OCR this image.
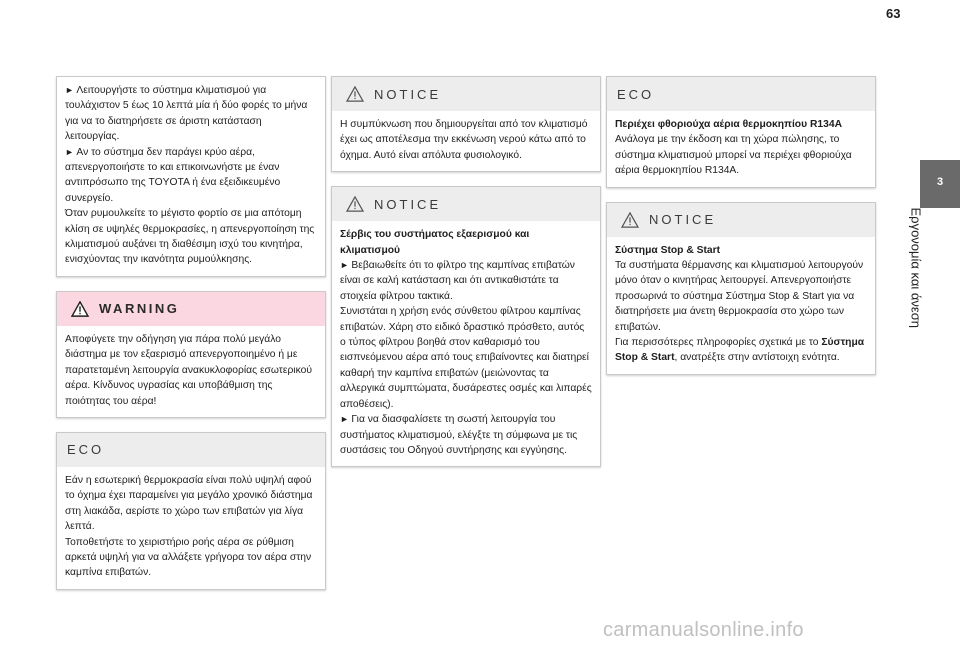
63

► Λειτουργήστε το σύστημα κλιματισμού για τουλάχιστον 5 έως 10 λεπτά μία ή δύο φορές το μήνα για να το διατηρήσετε σε άριστη κατάσταση λειτουργίας.

► Αν το σύστημα δεν παράγει κρύο αέρα, απενεργοποιήστε το και επικοινωνήστε με έναν αντιπρόσωπο της TOYOTA ή ένα εξειδικευμένο συνεργείο.

Όταν ρυμουλκείτε το μέγιστο φορτίο σε μια απότομη κλίση σε υψηλές θερμοκρασίες, η απενεργοποίηση της κλιματισμού αυξάνει τη διαθέσιμη ισχύ του κινητήρα, ενισχύοντας την ικανότητα ρυμούλκησης.

WARNING

Αποφύγετε την οδήγηση για πάρα πολύ μεγάλο διάστημα με τον εξαερισμό απενεργοποιημένο ή με παρατεταμένη λειτουργία ανακυκλοφορίας εσωτερικού αέρα. Κίνδυνος υγρασίας και υποβάθμιση της ποιότητας του αέρα!

ECO

Εάν η εσωτερική θερμοκρασία είναι πολύ υψηλή αφού το όχημα έχει παραμείνει για μεγάλο χρονικό διάστημα στη λιακάδα, αερίστε το χώρο των επιβατών για λίγα λεπτά.

Τοποθετήστε το χειριστήριο ροής αέρα σε ρύθμιση αρκετά υψηλή για να αλλάξετε γρήγορα τον αέρα στην καμπίνα επιβατών.

NOTICE

Η συμπύκνωση που δημιουργείται από τον κλιματισμό έχει ως αποτέλεσμα την εκκένωση νερού κάτω από το όχημα. Αυτό είναι απόλυτα φυσιολογικό.

NOTICE

Σέρβις του συστήματος εξαερισμού και κλιματισμού

► Βεβαιωθείτε ότι το φίλτρο της καμπίνας επιβατών είναι σε καλή κατάσταση και ότι αντικαθιστάτε τα στοιχεία φίλτρου τακτικά.

Συνιστάται η χρήση ενός σύνθετου φίλτρου καμπίνας επιβατών. Χάρη στο ειδικό δραστικό πρόσθετο, αυτός ο τύπος φίλτρου βοηθά στον καθαρισμό του εισπνεόμενου αέρα από τους επιβαίνοντες και διατηρεί καθαρή την καμπίνα επιβατών (μειώνοντας τα αλλεργικά συμπτώματα, δυσάρεστες οσμές και λιπαρές αποθέσεις).

► Για να διασφαλίσετε τη σωστή λειτουργία του συστήματος κλιματισμού, ελέγξτε τη σύμφωνα με τις συστάσεις του Οδηγού συντήρησης και εγγύησης.

ECO

Περιέχει φθοριούχα αέρια θερμοκηπίου R134A

Ανάλογα με την έκδοση και τη χώρα πώλησης, το σύστημα κλιματισμού μπορεί να περιέχει φθοριούχα αέρια θερμοκηπίου R134A.

NOTICE

Σύστημα Stop & Start

Τα συστήματα θέρμανσης και κλιματισμού λειτουργούν μόνο όταν ο κινητήρας λειτουργεί. Απενεργοποιήστε προσωρινά το σύστημα Σύστημα Stop & Start για να διατηρήσετε μια άνετη θερμοκρασία στο χώρο των επιβατών.

Για περισσότερες πληροφορίες σχετικά με το Σύστημα Stop & Start, ανατρέξτε στην αντίστοιχη ενότητα.

3
Εργονομία και άνεση
carmanualsonline.info
